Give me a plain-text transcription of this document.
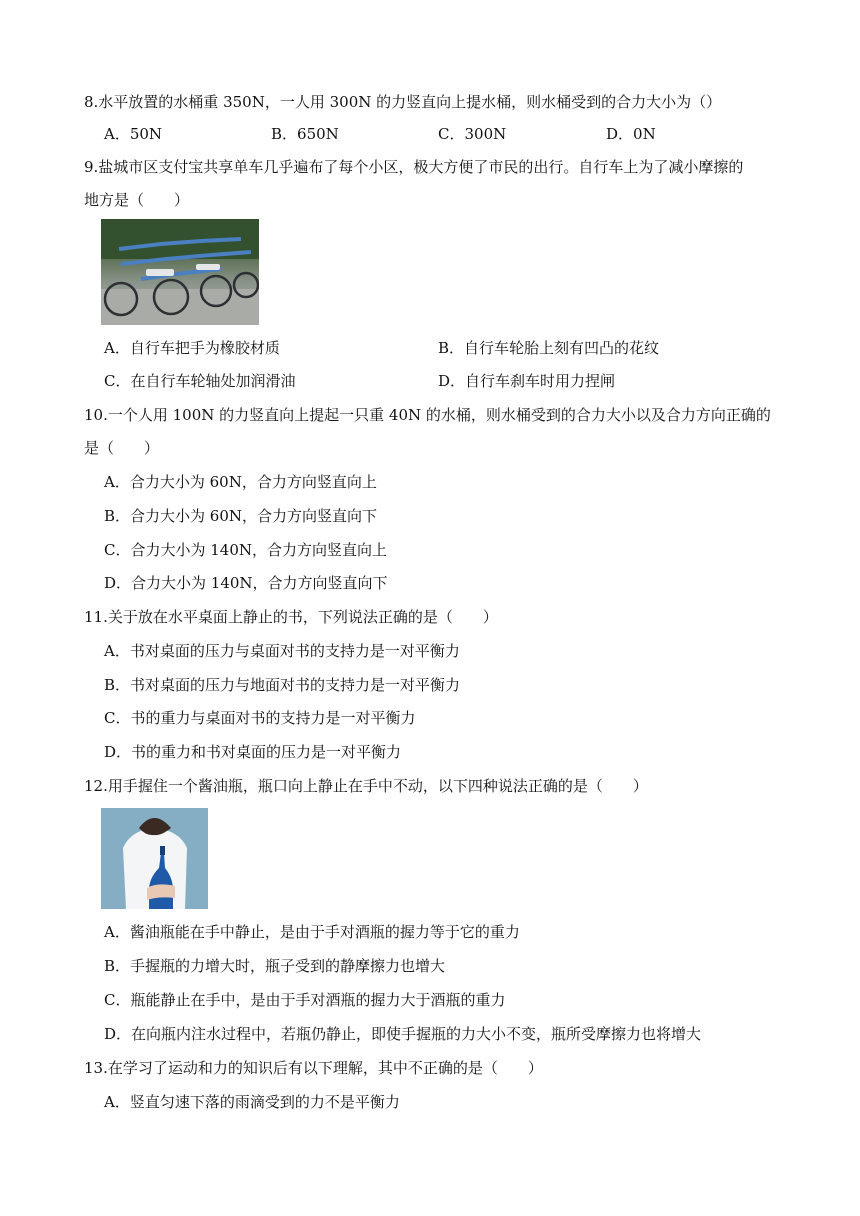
8.水平放置的水桶重 350N，一人用 300N 的力竖直向上提水桶，则水桶受到的合力大小为（）
A．50N	B．650N	C．300N	D．0N
9.盐城市区支付宝共享单车几乎遍布了每个小区，极大方便了市民的出行。自行车上为了减小摩擦的
地方是（　　）
A．自行车把手为橡胶材质	B．自行车轮胎上刻有凹凸的花纹
C．在自行车轮轴处加润滑油	D．自行车刹车时用力捏闸
10.一个人用 100N 的力竖直向上提起一只重 40N 的水桶，则水桶受到的合力大小以及合力方向正确的
是（　　）
A．合力大小为 60N，合力方向竖直向上
B．合力大小为 60N，合力方向竖直向下
C．合力大小为 140N，合力方向竖直向上
D．合力大小为 140N，合力方向竖直向下
11.关于放在水平桌面上静止的书，下列说法正确的是（　　）
A．书对桌面的压力与桌面对书的支持力是一对平衡力
B．书对桌面的压力与地面对书的支持力是一对平衡力
C．书的重力与桌面对书的支持力是一对平衡力
D．书的重力和书对桌面的压力是一对平衡力
12.用手握住一个酱油瓶，瓶口向上静止在手中不动，以下四种说法正确的是（　　）
A．酱油瓶能在手中静止，是由于手对酒瓶的握力等于它的重力
B．手握瓶的力增大时，瓶子受到的静摩擦力也增大
C．瓶能静止在手中，是由于手对酒瓶的握力大于酒瓶的重力
D．在向瓶内注水过程中，若瓶仍静止，即使手握瓶的力大小不变，瓶所受摩擦力也将增大
13.在学习了运动和力的知识后有以下理解，其中不正确的是（　　）
A．竖直匀速下落的雨滴受到的力不是平衡力
